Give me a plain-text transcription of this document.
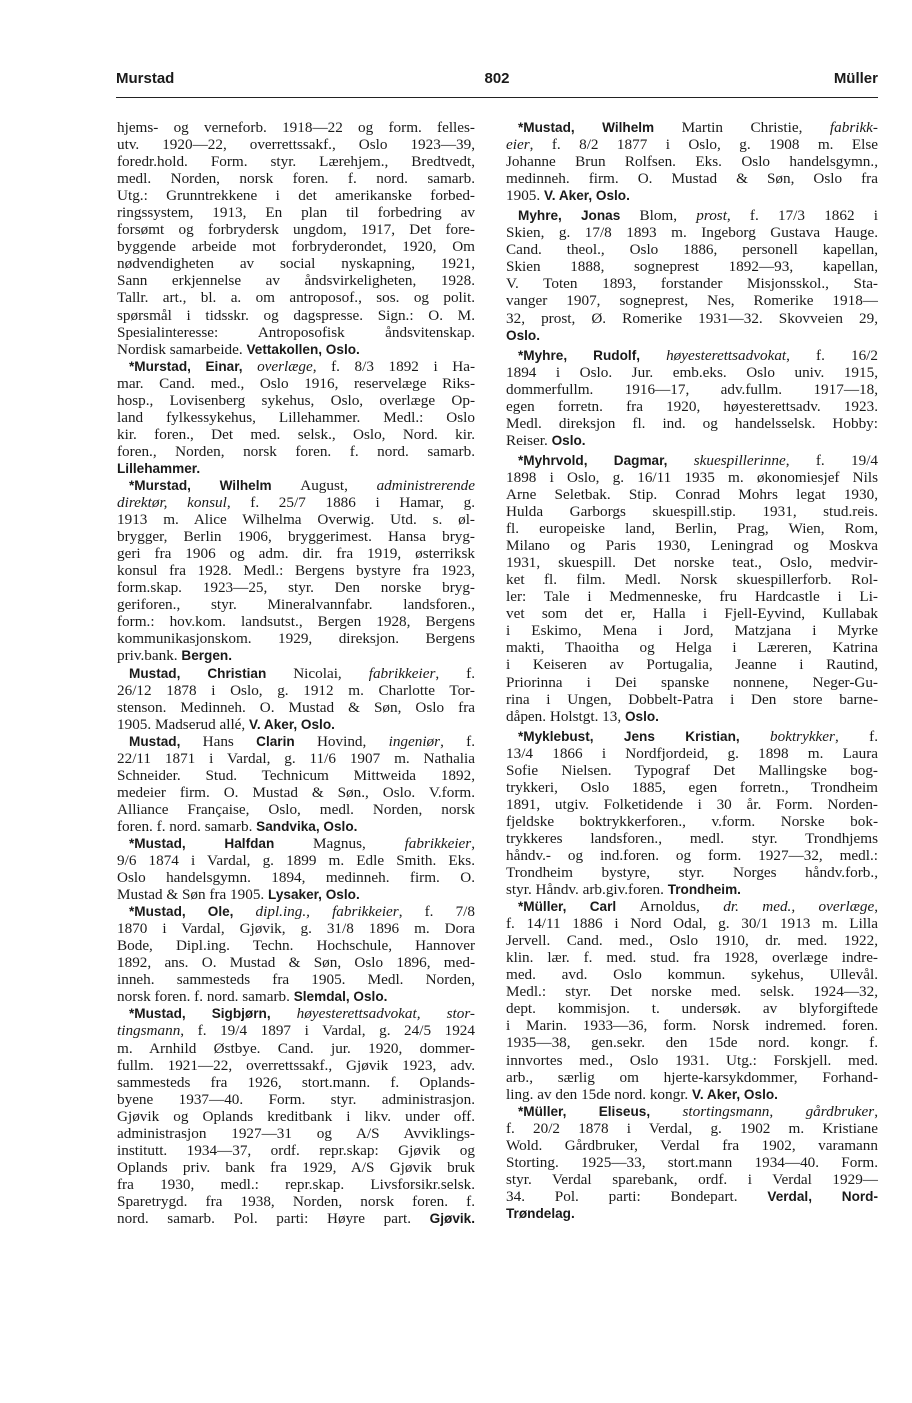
Murstad	802	Müller
hjems- og verneforb. 1918—22 og form. felles-
utv. 1920—22, overrettssakf., Oslo 1923—39,
foredr.hold. Form. styr. Lærehjem., Bredtvedt,
medl. Norden, norsk foren. f. nord. samarb.
Utg.: Grunntrekkene i det amerikanske forbed-
ringssystem, 1913, En plan til forbedring av
forsømt og forbrydersk ungdom, 1917, Det fore-
byggende arbeide mot forbryderondet, 1920, Om
nødvendigheten av social nyskapning, 1921,
Sann erkjennelse av åndsvirkeligheten, 1928.
Tallr. art., bl. a. om antroposof., sos. og polit.
spørsmål i tidsskr. og dagspresse. Sign.: O. M.
Spesialinteresse: Antroposofisk åndsvitenskap.
Nordisk samarbeide. Vettakollen, Oslo.
*Murstad, Einar, overlæge, f. 8/3 1892 i Ha-
mar. Cand. med., Oslo 1916, reservelæge Riks-
hosp., Lovisenberg sykehus, Oslo, overlæge Op-
land fylkessykehus, Lillehammer. Medl.: Oslo
kir. foren., Det med. selsk., Oslo, Nord. kir.
foren., Norden, norsk foren. f. nord. samarb.
Lillehammer.
*Murstad, Wilhelm August, administrerende
direktør, konsul, f. 25/7 1886 i Hamar, g.
1913 m. Alice Wilhelma Overwig. Utd. s. øl-
brygger, Berlin 1906, bryggerimest. Hansa bryg-
geri fra 1906 og adm. dir. fra 1919, østerriksk
konsul fra 1928. Medl.: Bergens bystyre fra 1923,
form.skap. 1923—25, styr. Den norske bryg-
geriforen., styr. Mineralvannfabr. landsforen.,
form.: hov.kom. landsutst., Bergen 1928, Bergens
kommunikasjonskom. 1929, direksjon. Bergens
priv.bank. Bergen.
Mustad, Christian Nicolai, fabrikkeier, f.
26/12 1878 i Oslo, g. 1912 m. Charlotte Tor-
stenson. Medinneh. O. Mustad & Søn, Oslo fra
1905. Madserud allé, V. Aker, Oslo.
Mustad, Hans Clarin Hovind, ingeniør, f.
22/11 1871 i Vardal, g. 11/6 1907 m. Nathalia
Schneider. Stud. Technicum Mittweida 1892,
medeier firm. O. Mustad & Søn., Oslo. V.form.
Alliance Française, Oslo, medl. Norden, norsk
foren. f. nord. samarb. Sandvika, Oslo.
*Mustad, Halfdan Magnus, fabrikkeier,
9/6 1874 i Vardal, g. 1899 m. Edle Smith. Eks.
Oslo handelsgymn. 1894, medinneh. firm. O.
Mustad & Søn fra 1905. Lysaker, Oslo.
*Mustad, Ole, dipl.ing., fabrikkeier, f. 7/8
1870 i Vardal, Gjøvik, g. 31/8 1896 m. Dora
Bode, Dipl.ing. Techn. Hochschule, Hannover
1892, ans. O. Mustad & Søn, Oslo 1896, med-
inneh. sammesteds fra 1905. Medl. Norden,
norsk foren. f. nord. samarb. Slemdal, Oslo.
*Mustad, Sigbjørn, høyesterettsadvokat, stor-
tingsmann, f. 19/4 1897 i Vardal, g. 24/5 1924
m. Arnhild Østbye. Cand. jur. 1920, dommer-
fullm. 1921—22, overrettssakf., Gjøvik 1923, adv.
sammesteds fra 1926, stort.mann. f. Oplands-
byene 1937—40. Form. styr. administrasjon.
Gjøvik og Oplands kreditbank i likv. under off.
administrasjon 1927—31 og A/S Avviklings-
institutt. 1934—37, ordf. repr.skap: Gjøvik og
Oplands priv. bank fra 1929, A/S Gjøvik bruk
fra 1930, medl.: repr.skap. Livsforsikr.selsk.
Sparetrygd. fra 1938, Norden, norsk foren. f.
nord. samarb. Pol. parti: Høyre part. Gjøvik.
*Mustad, Wilhelm Martin Christie, fabrikk-
eier, f. 8/2 1877 i Oslo, g. 1908 m. Else
Johanne Brun Rolfsen. Eks. Oslo handelsgymn.,
medinneh. firm. O. Mustad & Søn, Oslo fra
1905. V. Aker, Oslo.
Myhre, Jonas Blom, prost, f. 17/3 1862 i
Skien, g. 17/8 1893 m. Ingeborg Gustava Hauge.
Cand. theol., Oslo 1886, personell kapellan,
Skien 1888, sogneprest 1892—93, kapellan,
V. Toten 1893, forstander Misjonsskol., Sta-
vanger 1907, sogneprest, Nes, Romerike 1918—
32, prost, Ø. Romerike 1931—32. Skovveien 29,
Oslo.
*Myhre, Rudolf, høyesterettsadvokat, f. 16/2
1894 i Oslo. Jur. emb.eks. Oslo univ. 1915,
dommerfullm. 1916—17, adv.fullm. 1917—18,
egen forretn. fra 1920, høyesterettsadv. 1923.
Medl. direksjon fl. ind. og handelsselsk. Hobby:
Reiser. Oslo.
*Myhrvold, Dagmar, skuespillerinne, f. 19/4
1898 i Oslo, g. 16/11 1935 m. økonomiesjef Nils
Arne Seletbak. Stip. Conrad Mohrs legat 1930,
Hulda Garborgs skuespill.stip. 1931, stud.reis.
fl. europeiske land, Berlin, Prag, Wien, Rom,
Milano og Paris 1930, Leningrad og Moskva
1931, skuespill. Det norske teat., Oslo, medvir-
ket fl. film. Medl. Norsk skuespillerforb. Rol-
ler: Tale i Medmenneske, fru Hardcastle i Li-
vet som det er, Halla i Fjell-Eyvind, Kullabak
i Eskimo, Mena i Jord, Matzjana i Myrke
makti, Thaoitha og Helga i Læreren, Katrina
i Keiseren av Portugalia, Jeanne i Rautind,
Priorinna i Dei spanske nonnene, Neger-Gu-
rina i Ungen, Dobbelt-Patra i Den store barne-
dåpen. Holstgt. 13, Oslo.
*Myklebust, Jens Kristian, boktrykker, f.
13/4 1866 i Nordfjordeid, g. 1898 m. Laura
Sofie Nielsen. Typograf Det Mallingske bog-
trykkeri, Oslo 1885, egen forretn., Trondheim
1891, utgiv. Folketidende i 30 år. Form. Norden-
fjeldske boktrykkerforen., v.form. Norske bok-
trykkeres landsforen., medl. styr. Trondhjems
håndv.- og ind.foren. og form. 1927—32, medl.:
Trondheim bystyre, styr. Norges håndv.forb.,
styr. Håndv. arb.giv.foren. Trondheim.
*Müller, Carl Arnoldus, dr. med., overlæge,
f. 14/11 1886 i Nord Odal, g. 30/1 1913 m. Lilla
Jervell. Cand. med., Oslo 1910, dr. med. 1922,
klin. lær. f. med. stud. fra 1928, overlæge indre-
med. avd. Oslo kommun. sykehus, Ullevål.
Medl.: styr. Det norske med. selsk. 1924—32,
dept. kommisjon. t. undersøk. av blyforgiftede
i Marin. 1933—36, form. Norsk indremed. foren.
1935—38, gen.sekr. den 15de nord. kongr. f.
innvortes med., Oslo 1931. Utg.: Forskjell. med.
arb., særlig om hjerte-karsykdommer, Forhand-
ling. av den 15de nord. kongr. V. Aker, Oslo.
*Müller, Eliseus, stortingsmann, gårdbruker,
f. 20/2 1878 i Verdal, g. 1902 m. Kristiane
Wold. Gårdbruker, Verdal fra 1902, varamann
Storting. 1925—33, stort.mann 1934—40. Form.
styr. Verdal sparebank, ordf. i Verdal 1929—
34. Pol. parti: Bondepart. Verdal, Nord-
Trøndelag.
